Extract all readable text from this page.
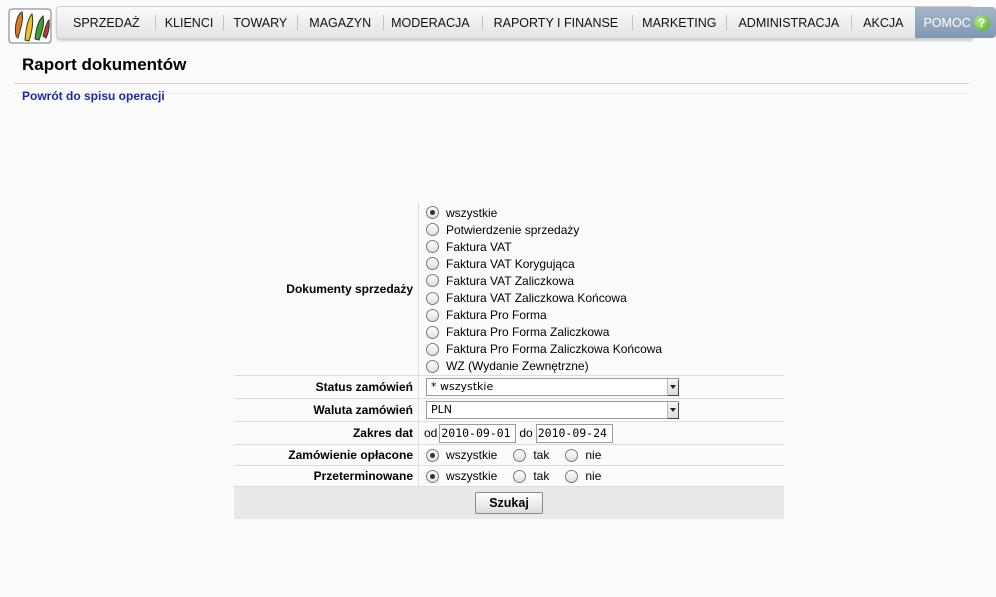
SPRZEDAŻ	KLIENCI	TOWARY	MAGAZYN	MODERACJA	RAPORTY I FINANSE	MARKETING	ADMINISTRACJA	AKCJA	POMOC ?
Raport dokumentów
Powrót do spisu operacji
Dokumenty sprzedaży
wszystkie
Potwierdzenie sprzedaży
Faktura VAT
Faktura VAT Korygująca
Faktura VAT Zaliczkowa
Faktura VAT Zaliczkowa Końcowa
Faktura Pro Forma
Faktura Pro Forma Zaliczkowa
Faktura Pro Forma Zaliczkowa Końcowa
WZ (Wydanie Zewnętrzne)
Status zamówień	* wszystkie
Waluta zamówień	PLN
Zakres dat od 2010-09-01 do 2010-09-24
Zamówienie opłacone	wszystkie	tak	nie
Przeterminowane	wszystkie	tak	nie
Szukaj
